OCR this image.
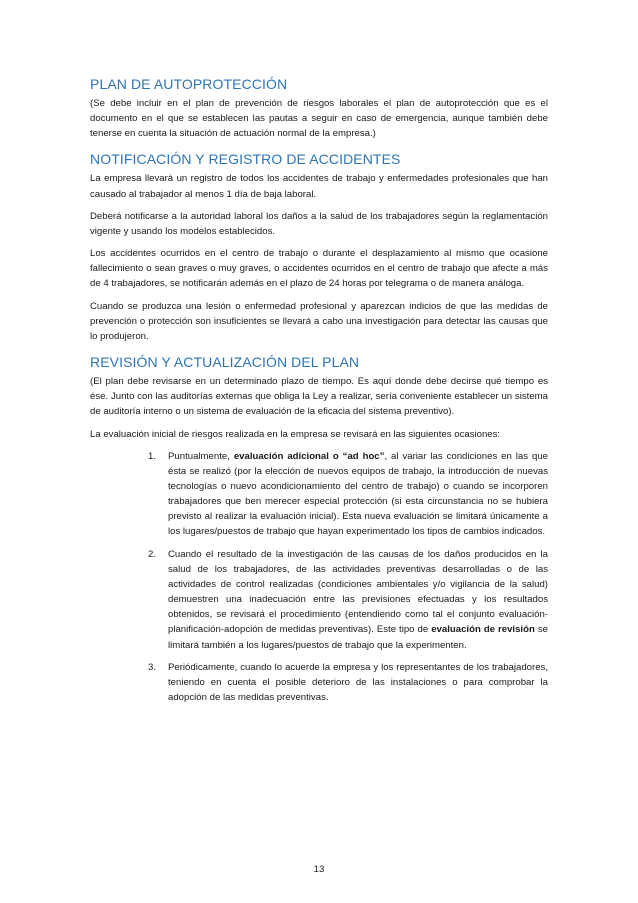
PLAN DE AUTOPROTECCIÓN

(Se debe incluir en el plan de prevención de riesgos laborales el plan de autoprotección que es el documento en el que se establecen las pautas a seguir en caso de emergencia, aunque también debe tenerse en cuenta la situación de actuación normal de la empresa.)

NOTIFICACIÓN Y REGISTRO DE ACCIDENTES

La empresa llevará un registro de todos los accidentes de trabajo y enfermedades profesionales que han causado al trabajador al menos 1 día de baja laboral.

Deberá notificarse a la autoridad laboral los daños a la salud de los trabajadores según la reglamentación vigente y usando los modelos establecidos.

Los accidentes ocurridos en el centro de trabajo o durante el desplazamiento al mismo que ocasione fallecimiento o sean graves o muy graves, o accidentes ocurridos en el centro de trabajo que afecte a más de 4 trabajadores, se notificarán además en el plazo de 24 horas por telegrama o de manera análoga.

Cuando se produzca una lesión o enfermedad profesional y aparezcan indicios de que las medidas de prevención o protección son insuficientes se llevará a cabo una investigación para detectar las causas que lo produjeron.

REVISIÓN Y ACTUALIZACIÓN DEL PLAN

(El plan debe revisarse en un determinado plazo de tiempo. Es aquí donde debe decirse qué tiempo es ése. Junto con las auditorías externas que obliga la Ley a realizar, sería conveniente establecer un sistema de auditoría interno o un sistema de evaluación de la eficacia del sistema preventivo).

La evaluación inicial de riesgos realizada en la empresa se revisará en las siguientes ocasiones:

1. Puntualmente, evaluación adicional o “ad hoc”, al variar las condiciones en las que ésta se realizó (por la elección de nuevos equipos de trabajo, la introducción de nuevas tecnologías o nuevo acondicionamiento del centro de trabajo) o cuando se incorporen trabajadores que ben merecer especial protección (si esta circunstancia no se hubiera previsto al realizar la evaluación inicial). Esta nueva evaluación se limitará únicamente a los lugares/puestos de trabajo que hayan experimentado los tipos de cambios indicados.
2. Cuando el resultado de la investigación de las causas de los daños producidos en la salud de los trabajadores, de las actividades preventivas desarrolladas o de las actividades de control realizadas (condiciones ambientales y/o vigilancia de la salud) demuestren una inadecuación entre las previsiones efectuadas y los resultados obtenidos, se revisará el procedimiento (entendiendo como tal el conjunto evaluación-planificación-adopción de medidas preventivas). Este tipo de evaluación de revisión se limitará también a los lugares/puestos de trabajo que la experimenten.
3. Periódicamente, cuando lo acuerde la empresa y los representantes de los trabajadores, teniendo en cuenta el posible deterioro de las instalaciones o para comprobar la adopción de las medidas preventivas.
13
